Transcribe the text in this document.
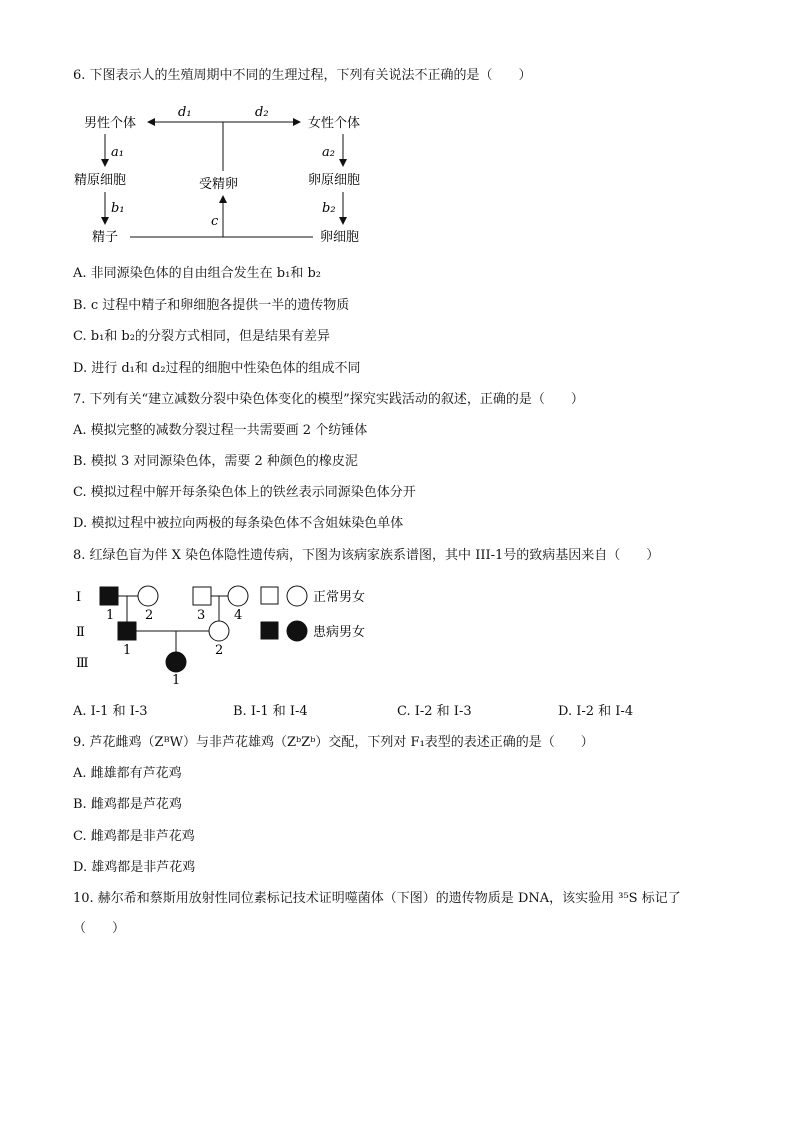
6. 下图表示人的生殖周期中不同的生理过程，下列有关说法不正确的是（　　）
男性个体	女性个体
精原细胞	受精卵	卵原细胞
精子	卵细胞
d₁	d₂
a₁	a₂
b₁	b₂
c
A. 非同源染色体的自由组合发生在 b₁和 b₂
B. c 过程中精子和卵细胞各提供一半的遗传物质
C. b₁和 b₂的分裂方式相同，但是结果有差异
D. 进行 d₁和 d₂过程的细胞中性染色体的组成不同
7. 下列有关“建立减数分裂中染色体变化的模型”探究实践活动的叙述，正确的是（　　）
A. 模拟完整的减数分裂过程一共需要画 2 个纺锤体
B. 模拟 3 对同源染色体，需要 2 种颜色的橡皮泥
C. 模拟过程中解开每条染色体上的铁丝表示同源染色体分开
D. 模拟过程中被拉向两极的每条染色体不含姐妹染色单体
8. 红绿色盲为伴 X 染色体隐性遗传病，下图为该病家族系谱图，其中 III-1号的致病基因来自（　　）
I
Ⅱ
Ⅲ
1 2	3 4
1	2
1
正常男女
患病男女
A. I-1 和 I-3	B. I-1 和 I-4	C. I-2 和 I-3	D. I-2 和 I-4
9. 芦花雌鸡（ZᴮW）与非芦花雄鸡（ZᵇZᵇ）交配，下列对 F₁表型的表述正确的是（　　）
A. 雌雄都有芦花鸡
B. 雌鸡都是芦花鸡
C. 雌鸡都是非芦花鸡
D. 雄鸡都是非芦花鸡
10. 赫尔希和蔡斯用放射性同位素标记技术证明噬菌体（下图）的遗传物质是 DNA，该实验用 ³⁵S 标记了
（　　）
